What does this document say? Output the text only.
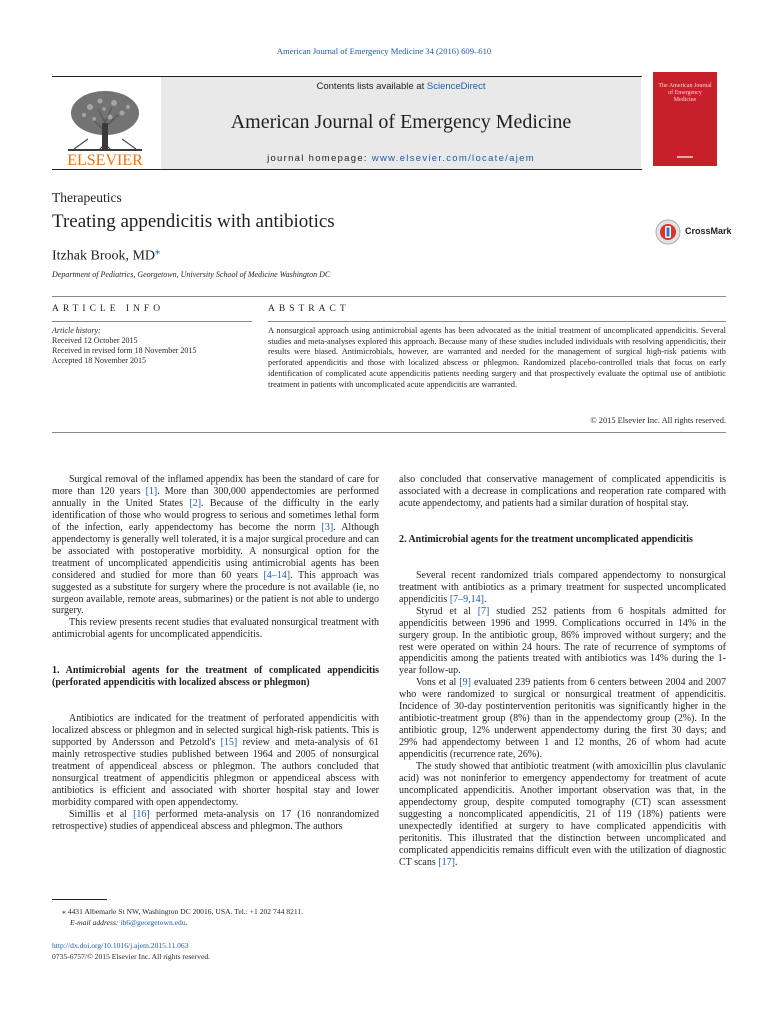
American Journal of Emergency Medicine 34 (2016) 609–610
ELSEVIER
Contents lists available at ScienceDirect
American Journal of Emergency Medicine
journal homepage: www.elsevier.com/locate/ajem
The American Journal of Emergency Medicine
Therapeutics
Treating appendicitis with antibiotics
Itzhak Brook, MD⁎
Department of Pediatrics, Georgetown, University School of Medicine Washington DC
CrossMark
ARTICLE INFO	ABSTRACT
Article history:
Received 12 October 2015
Received in revised form 18 November 2015
Accepted 18 November 2015
A nonsurgical approach using antimicrobial agents has been advocated as the initial treatment of uncomplicated appendicitis. Several studies and meta-analyses explored this approach. Because many of these studies included individuals with resolving appendicitis, their results were biased. Antimicrobials, however, are warranted and needed for the management of surgical high-risk patients with perforated appendicitis and those with localized abscess or phlegmon. Randomized placebo-controlled trials that focus on early identification of complicated acute appendicitis patients needing surgery and that prospectively evaluate the optimal use of antibiotic treatment in patients with uncomplicated acute appendicitis are warranted.
© 2015 Elsevier Inc. All rights reserved.

Surgical removal of the inflamed appendix has been the standard of care for more than 120 years [1]. More than 300,000 appendectomies are performed annually in the United States [2]. Because of the difficulty in the early identification of those who would progress to serious and sometimes lethal form of the infection, early appendectomy has become the norm [3]. Although appendectomy is generally well tolerated, it is a major surgical procedure and can be associated with postoperative morbidity. A nonsurgical option for the treatment of uncomplicated appendicitis using antimicrobial agents has been considered and studied for more than 60 years [4–14]. This approach was suggested as a substitute for surgery where the procedure is not available (ie, no surgeon available, remote areas, submarines) or the patient is not able to undergo surgery.

This review presents recent studies that evaluated nonsurgical treatment with antimicrobial agents for uncomplicated appendicitis.

1. Antimicrobial agents for the treatment of complicated appendicitis (perforated appendicitis with localized abscess or phlegmon)

Antibiotics are indicated for the treatment of perforated appendicitis with localized abscess or phlegmon and in selected surgical high-risk patients. This is supported by Andersson and Petzold's [15] review and meta-analysis of 61 mainly retrospective studies published between 1964 and 2005 of nonsurgical treatment of appendiceal abscess or phlegmon. The authors concluded that nonsurgical treatment of appendicitis phlegmon or appendiceal abscess with antibiotics is efficient and associated with shorter hospital stay and lower morbidity compared with open appendectomy.

Simillis et al [16] performed meta-analysis on 17 (16 nonrandomized retrospective) studies of appendiceal abscess and phlegmon. The authors

also concluded that conservative management of complicated appendicitis is associated with a decrease in complications and reoperation rate compared with acute appendectomy, and patients had a similar duration of hospital stay.

2. Antimicrobial agents for the treatment uncomplicated appendicitis

Several recent randomized trials compared appendectomy to nonsurgical treatment with antibiotics as a primary treatment for suspected uncomplicated appendicitis [7–9,14].

Styrud et al [7] studied 252 patients from 6 hospitals admitted for appendicitis between 1996 and 1999. Complications occurred in 14% in the surgery group. In the antibiotic group, 86% improved without surgery; and the rest were operated on within 24 hours. The rate of recurrence of symptoms of appendicitis among the patients treated with antibiotics was 14% during the 1-year follow-up.

Vons et al [9] evaluated 239 patients from 6 centers between 2004 and 2007 who were randomized to surgical or nonsurgical treatment of appendicitis. Incidence of 30-day postintervention peritonitis was significantly higher in the antibiotic-treatment group (8%) than in the appendectomy group (2%). In the antibiotic group, 12% underwent appendectomy during the first 30 days; and 29% had appendectomy between 1 and 12 months, 26 of whom had acute appendicitis (recurrence rate, 26%).

The study showed that antibiotic treatment (with amoxicillin plus clavulanic acid) was not noninferior to emergency appendectomy for treatment of acute uncomplicated appendicitis. Another important observation was that, in the appendectomy group, despite computed tomography (CT) scan assessment suggesting a noncomplicated appendicitis, 21 of 119 (18%) patients were unexpectedly identified at surgery to have complicated appendicitis with peritonitis. This illustrated that the distinction between uncomplicated and complicated appendicitis remains difficult even with the utilization of diagnostic CT scans [17].

⁎ 4431 Albemarle St NW, Washington DC 20016, USA. Tel.: +1 202 744 8211.
E-mail address: ib6@georgetown.edu.
http://dx.doi.org/10.1016/j.ajem.2015.11.063
0735-6757/© 2015 Elsevier Inc. All rights reserved.
